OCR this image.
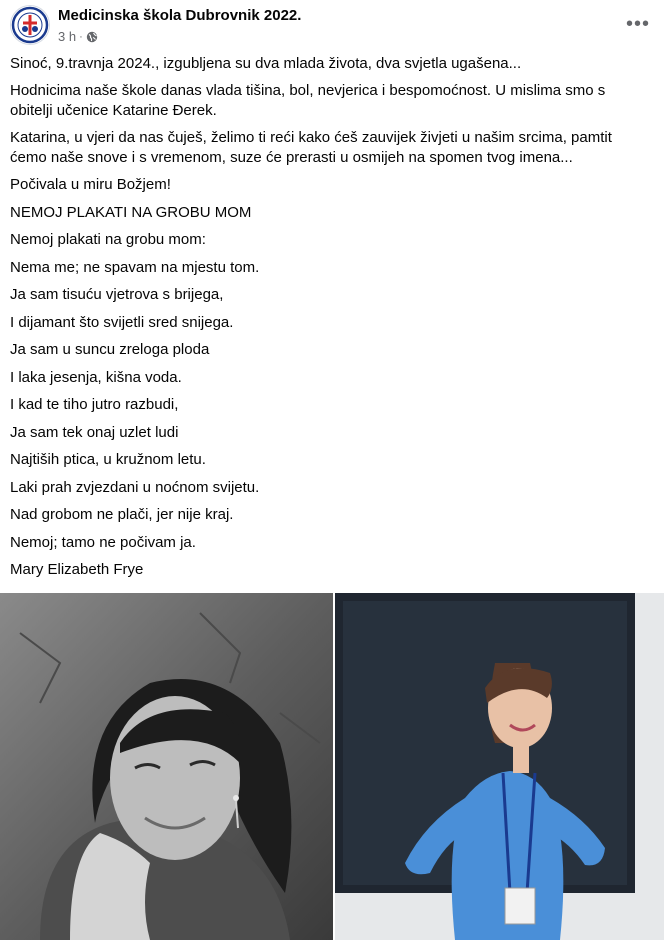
Medicinska škola Dubrovnik 2022.
3 h ·
•••

Sinoć, 9.travnja 2024., izgubljena su dva mlada života, dva svjetla ugašena...

Hodnicima naše škole danas vlada tišina, bol, nevjerica i bespomoćnost. U mislima smo s obitelji učenice Katarine Đerek.

Katarina, u vjeri da nas čuješ, želimo ti reći kako ćeš zauvijek živjeti u našim srcima, pamtit ćemo naše snove i s vremenom, suze će prerasti u osmijeh na spomen tvog imena...

Počivala u miru Božjem!
NEMOJ PLAKATI NA GROBU MOM
Nemoj plakati na grobu mom:
Nema me; ne spavam na mjestu tom.
Ja sam tisuću vjetrova s brijega,
I dijamant što svijetli sred snijega.
Ja sam u suncu zreloga ploda
I laka jesenja, kišna voda.
I kad te tiho jutro razbudi,
Ja sam tek onaj uzlet ludi
Najtiših ptica, u kružnom letu.
Laki prah zvjezdani u noćnom svijetu.
Nad grobom ne plači, jer nije kraj.
Nemoj; tamo ne počivam ja.
Mary Elizabeth Frye
